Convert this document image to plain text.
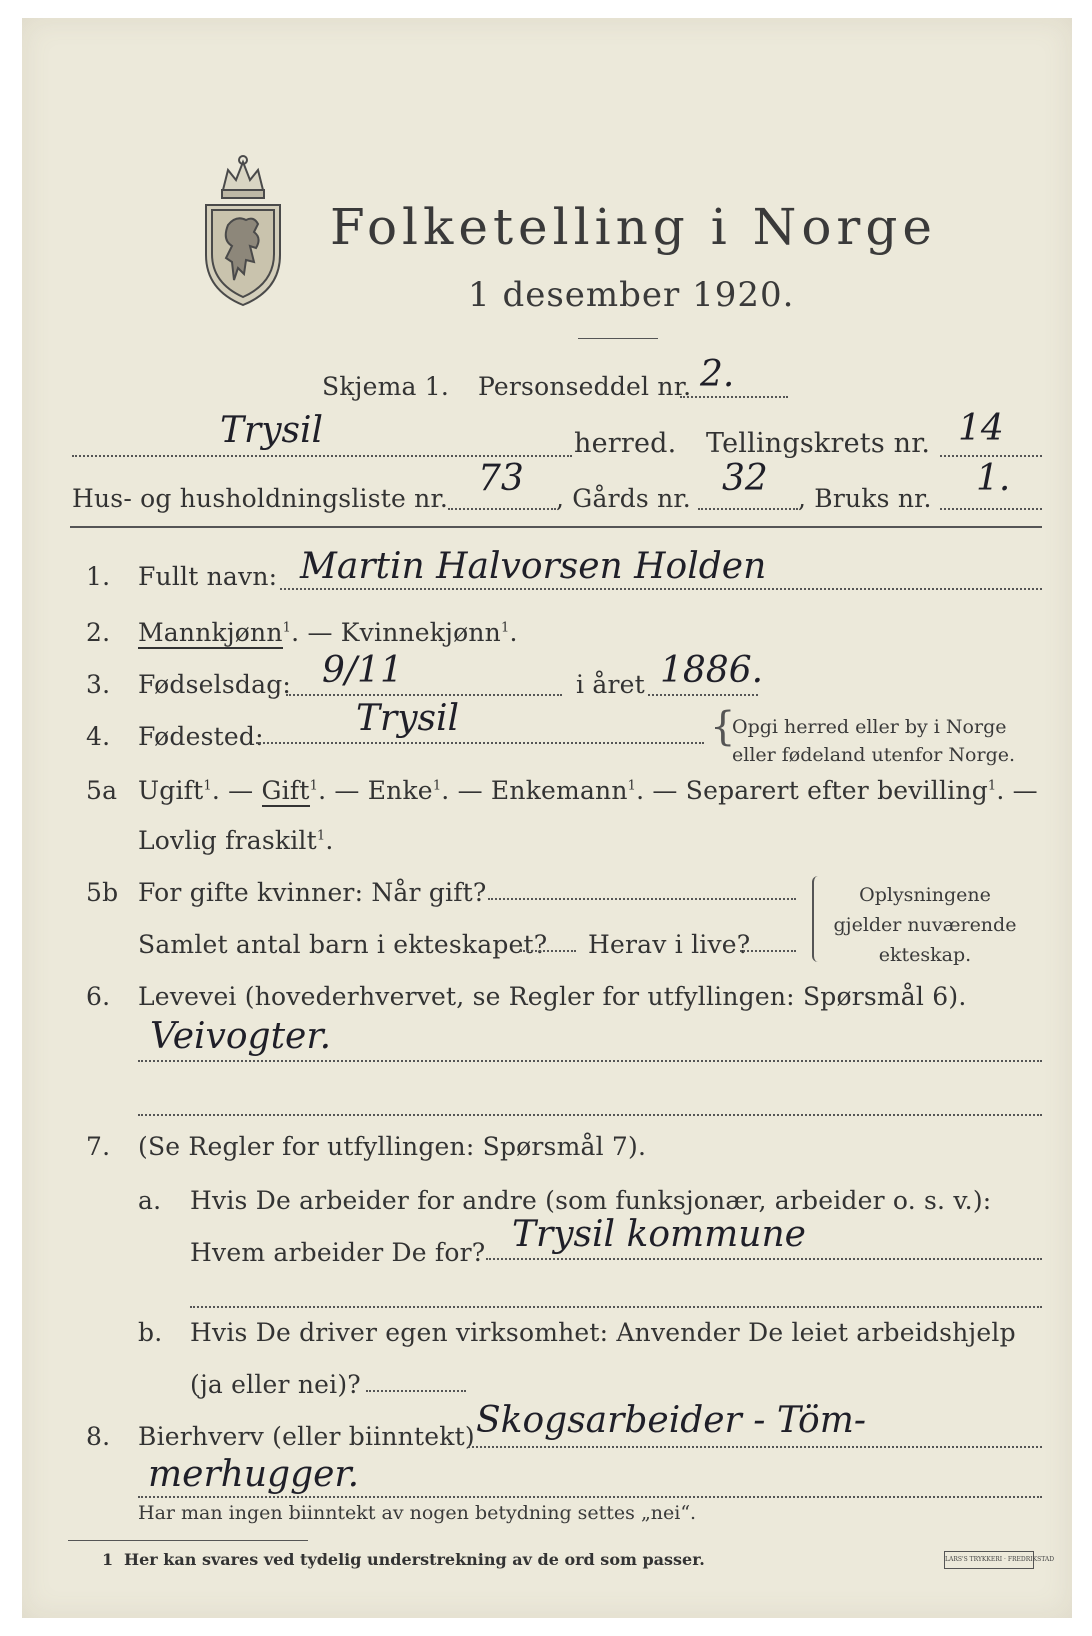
Folketelling i Norge
1 desember 1920.
Skjema 1. Personseddel nr. 2.
Trysil	herred. Tellingskrets nr. 14
Hus- og husholdningsliste nr. 73 , Gårds nr. 32 , Bruks nr. 1.
1. Fullt navn: Martin Halvorsen Holden
2. Mannkjønn$^1$. — Kvinnekjønn$^1$.
3. Fødselsdag: 9/11	i året 1886.
4. Fødested:	Trysil	{
Opgi herred eller by i Norge
eller fødeland utenfor Norge.
5a Ugift$^1$. — Gift$^1$. — Enke$^1$. — Enkemann$^1$. — Separert efter bevilling$^1$. —
Lovlig fraskilt$^1$.
5b For gifte kvinner: Når gift?
Samlet antal barn i ekteskapet? Herav i live?
Oplysningene
gjelder nuværende
ekteskap.
6. Levevei (hovederhvervet, se Regler for utfyllingen: Spørsmål 6).
Veivogter.
7. (Se Regler for utfyllingen: Spørsmål 7).
a. Hvis De arbeider for andre (som funksjonær, arbeider o. s. v.):
Hvem arbeider De for? Trysil kommune
b. Hvis De driver egen virksomhet: Anvender De leiet arbeidshjelp
(ja eller nei)?
8. Bierhverv (eller biinntekt) Skogsarbeider - Töm-
merhugger.
Har man ingen biinntekt av nogen betydning settes „nei“.
1 Her kan svares ved tydelig understrekning av de ord som passer.	LARS'S TRYKKERI · FREDRIKSTAD
